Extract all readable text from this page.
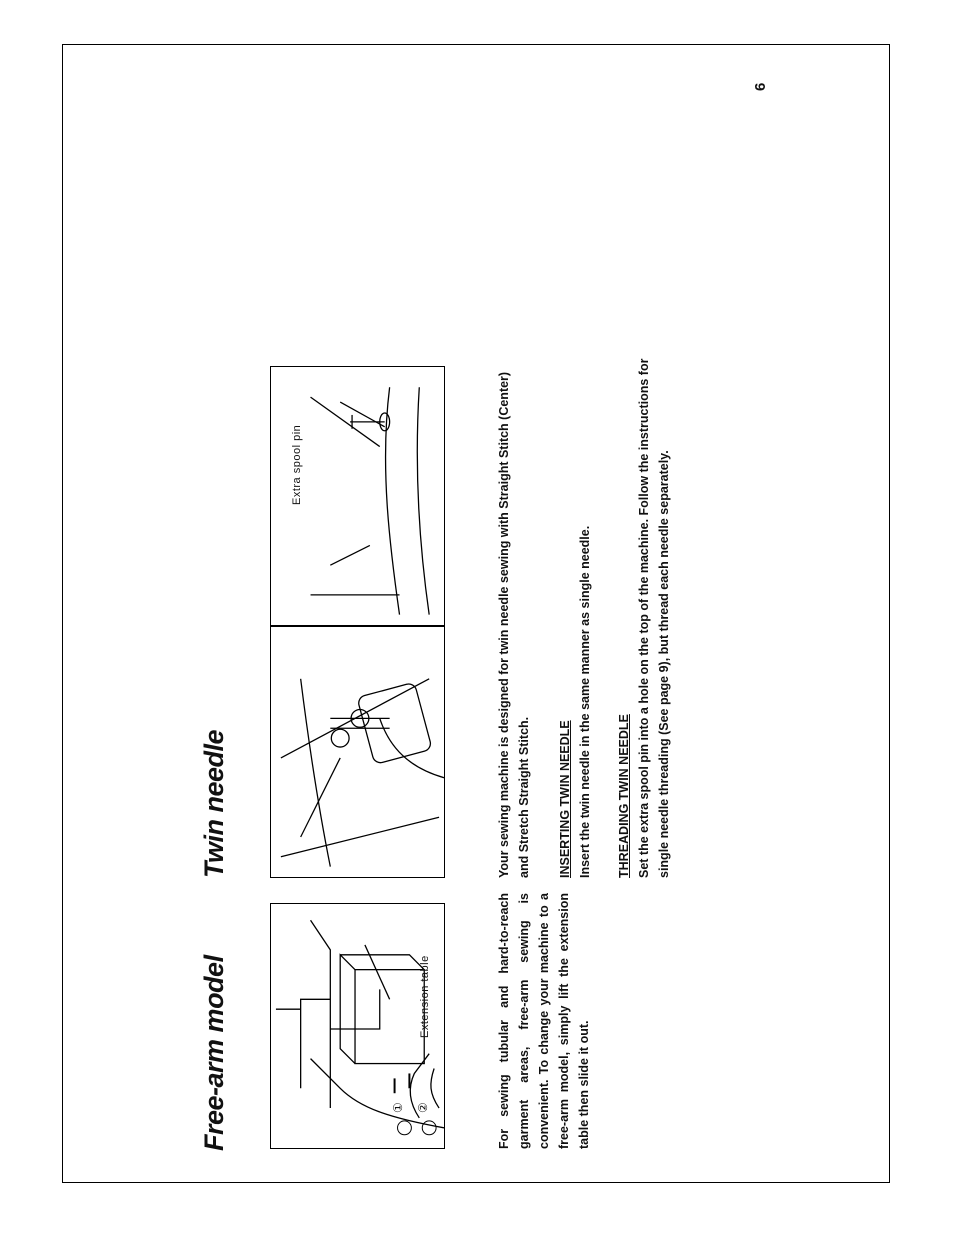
6
Free-arm model
Twin needle
① ②
Extension table
Extra spool pin
For sewing tubular and hard-to-reach garment areas, free-arm sewing is convenient. To change your machine to a free-arm model, simply lift the extension table then slide it out.
Your sewing machine is designed for twin needle sewing with Straight Stitch (Center) and Stretch Straight Stitch. INSERTING TWIN NEEDLE Insert the twin needle in the same manner as single needle. THREADING TWIN NEEDLE Set the extra spool pin into a hole on the top of the machine. Follow the instructions for single needle threading (See page 9), but thread each needle separately.
